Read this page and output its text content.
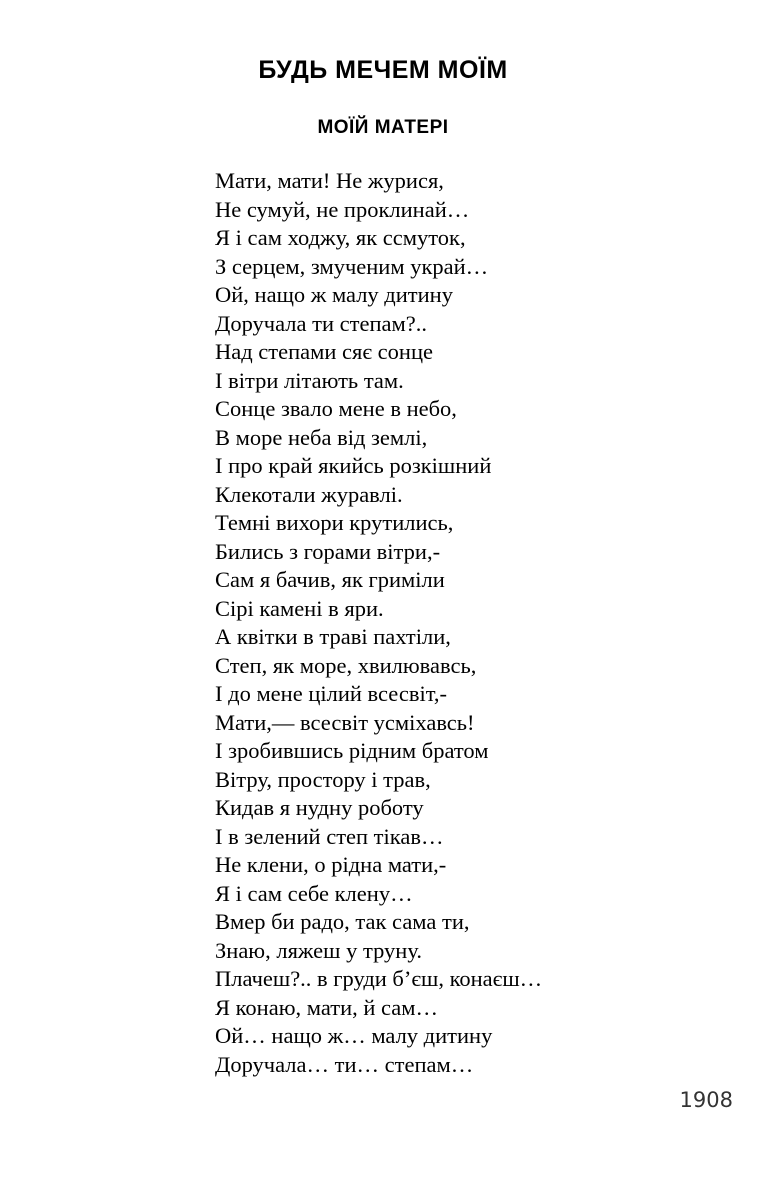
БУДЬ МЕЧЕМ МОЇМ
МОЇЙ МАТЕРІ
Мати, мати! Не журися,
Не сумуй, не проклинай…
Я і сам ходжу, як ссмуток,
З серцем, змученим украй…
Ой, нащо ж малу дитину
Доручала ти степам?..
Над степами сяє сонце
І вітри літають там.
Сонце звало мене в небо,
В море неба від землі,
І про край якийсь розкішний
Клекотали журавлі.
Темні вихори крутились,
Бились з горами вітри,-
Сам я бачив, як гриміли
Сірі камені в яри.
А квітки в траві пахтіли,
Степ, як море, хвилювавсь,
І до мене цілий всесвіт,-
Мати,— всесвіт усміхавсь!
І зробившись рідним братом
Вітру, простору і трав,
Кидав я нудну роботу
І в зелений степ тікав…
Не клени, о рідна мати,-
Я і сам себе клену…
Вмер би радо, так сама ти,
Знаю, ляжеш у труну.
Плачеш?.. в груди б’єш, конаєш…
Я конаю, мати, й сам…
Ой… нащо ж… малу дитину
Доручала… ти… степам…
1908
